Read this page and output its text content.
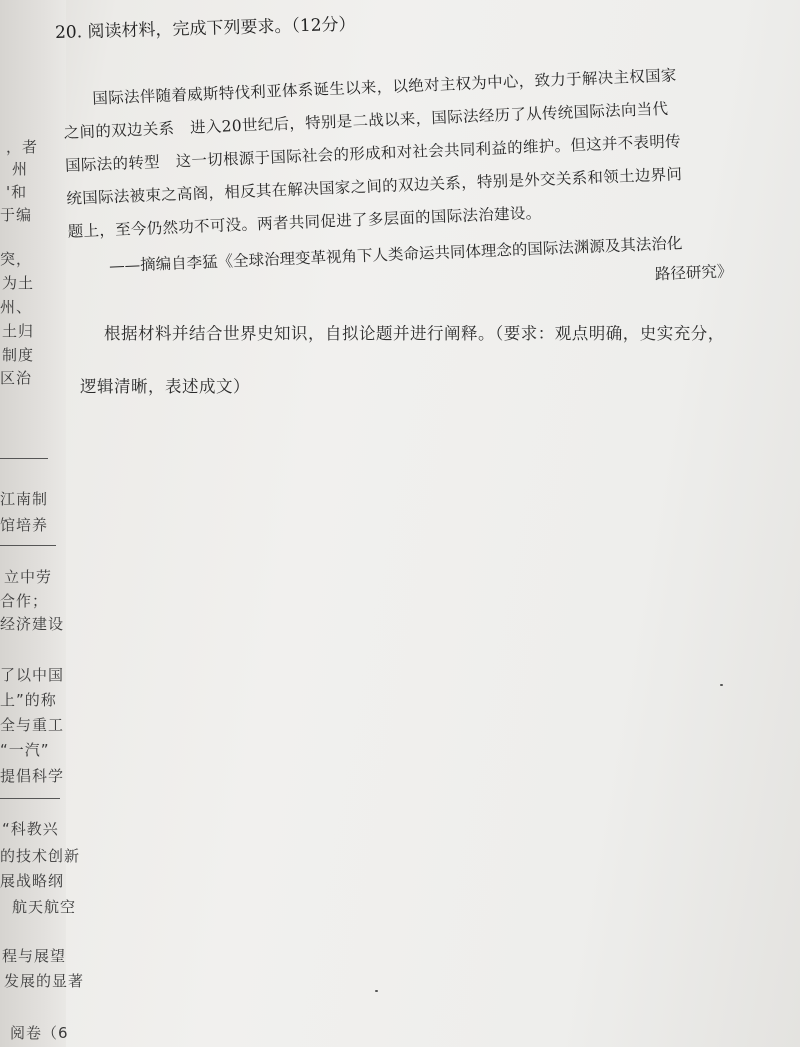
，者
州
'和
于编
突，
为土
州、
土归
制度
区治
江南制
馆培养
立中劳
合作；
经济建设
了以中国
上”的称
全与重工
“一汽”
提倡科学
“科教兴
的技术创新
展战略纲
航天航空
程与展望
发展的显著
阅卷（6
20. 阅读材料，完成下列要求。（12分）
国际法伴随着威斯特伐利亚体系诞生以来，以绝对主权为中心，致力于解决主权国家
之间的双边关系　进入20世纪后，特别是二战以来，国际法经历了从传统国际法向当代
国际法的转型　这一切根源于国际社会的形成和对社会共同利益的维护。但这并不表明传
统国际法被束之高阁，相反其在解决国家之间的双边关系，特别是外交关系和领土边界问
题上，至今仍然功不可没。两者共同促进了多层面的国际法治建设。
——摘编自李猛《全球治理变革视角下人类命运共同体理念的国际法渊源及其法治化
路径研究》
根据材料并结合世界史知识，自拟论题并进行阐释。（要求：观点明确，史实充分，
逻辑清晰，表述成文）
